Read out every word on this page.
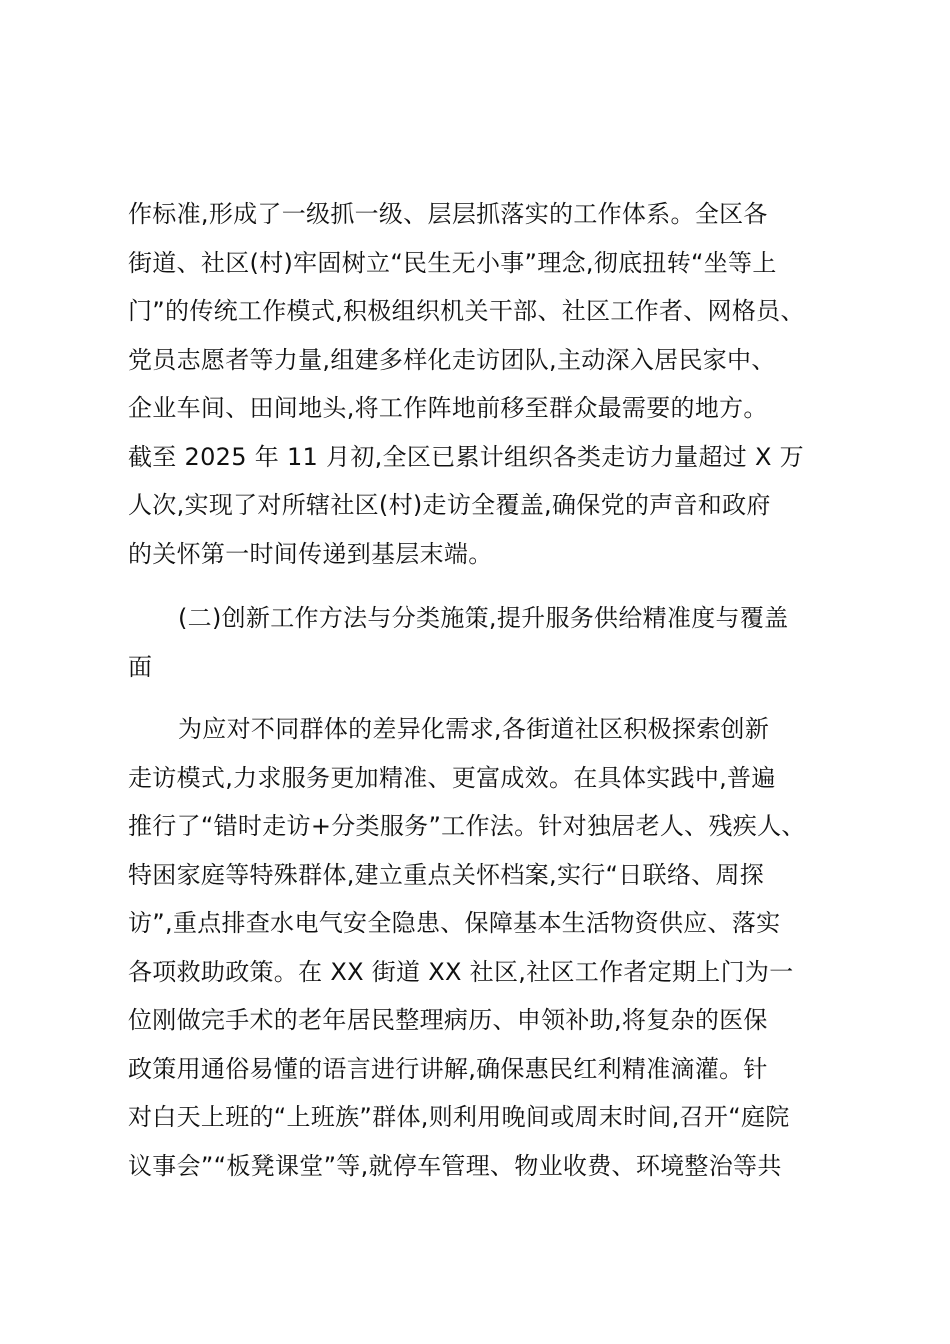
作标准,形成了一级抓一级、层层抓落实的工作体系。全区各

街道、社区(村)牢固树立“民生无小事”理念,彻底扭转“坐等上

门”的传统工作模式,积极组织机关干部、社区工作者、网格员、

党员志愿者等力量,组建多样化走访团队,主动深入居民家中、

企业车间、田间地头,将工作阵地前移至群众最需要的地方。

截至 2025 年 11 月初,全区已累计组织各类走访力量超过 X 万

人次,实现了对所辖社区(村)走访全覆盖,确保党的声音和政府

的关怀第一时间传递到基层末端。

(二)创新工作方法与分类施策,提升服务供给精准度与覆盖

面

为应对不同群体的差异化需求,各街道社区积极探索创新

走访模式,力求服务更加精准、更富成效。在具体实践中,普遍

推行了“错时走访+分类服务”工作法。针对独居老人、残疾人、

特困家庭等特殊群体,建立重点关怀档案,实行“日联络、周探

访”,重点排查水电气安全隐患、保障基本生活物资供应、落实

各项救助政策。在 XX 街道 XX 社区,社区工作者定期上门为一

位刚做完手术的老年居民整理病历、申领补助,将复杂的医保

政策用通俗易懂的语言进行讲解,确保惠民红利精准滴灌。针

对白天上班的“上班族”群体,则利用晚间或周末时间,召开“庭院

议事会”“板凳课堂”等,就停车管理、物业收费、环境整治等共
